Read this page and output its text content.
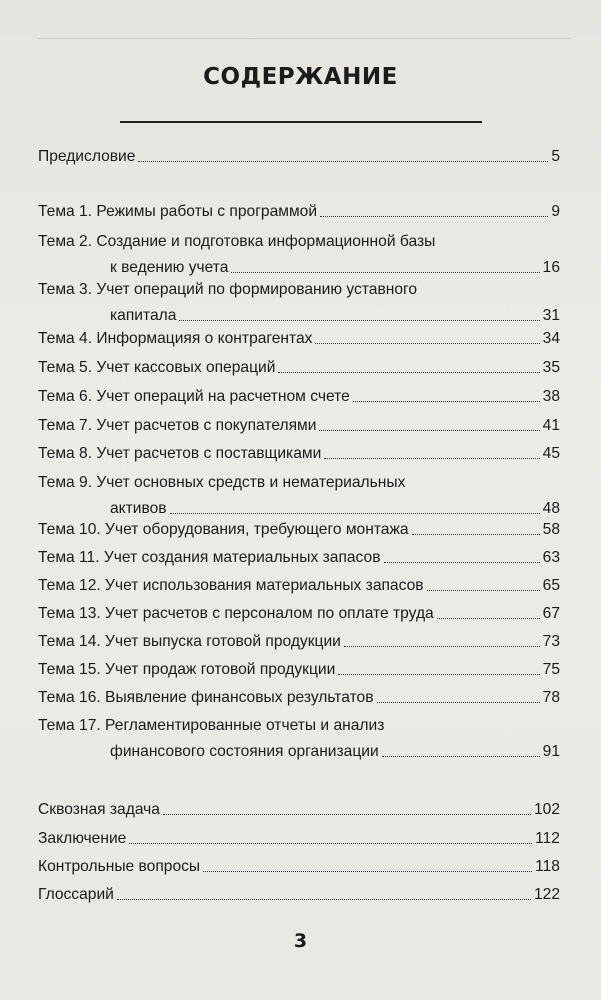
СОДЕРЖАНИЕ
Предисловие	5
Тема 1. Режимы работы с программой	9
Тема 2. Создание и подготовка информационной базы
к ведению учета	16
Тема 3. Учет операций по формированию уставного
капитала	31
Тема 4. Информацияя о контрагентах	34
Тема 5. Учет кассовых операций	35
Тема 6. Учет операций на расчетном счете	38
Тема 7. Учет расчетов с покупателями	41
Тема 8. Учет расчетов с поставщиками	45
Тема 9. Учет основных средств и нематериальных
активов	48
Тема 10. Учет оборудования, требующего монтажа	58
Тема 11. Учет создания материальных запасов	63
Тема 12. Учет использования материальных запасов	65
Тема 13. Учет расчетов с персоналом по оплате труда	67
Тема 14. Учет выпуска готовой продукции	73
Тема 15. Учет продаж готовой продукции	75
Тема 16. Выявление финансовых результатов	78
Тема 17. Регламентированные отчеты и анализ
финансового состояния организации	91
Сквозная задача	102
Заключение	112
Контрольные вопросы	118
Глоссарий	122
3
